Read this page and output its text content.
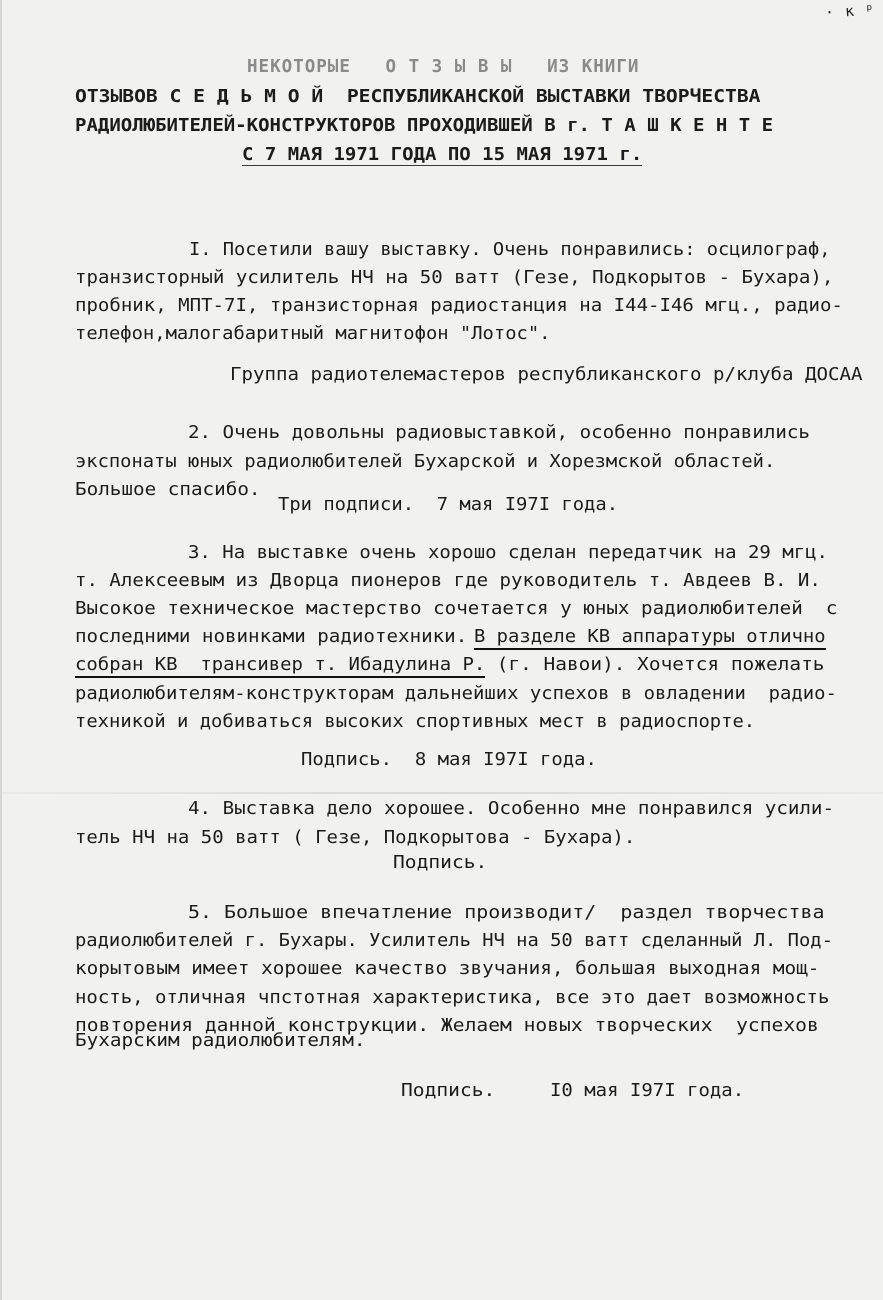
· к ᵖ
НЕКОТОРЫЕ   О Т З Ы В Ы   ИЗ КНИГИ
ОТЗЫВОВ С Е Д Ь М О Й  РЕСПУБЛИКАНСКОЙ ВЫСТАВКИ ТВОРЧЕСТВА
РАДИОЛЮБИТЕЛЕЙ-КОНСТРУКТОРОВ ПРОХОДИВШЕЙ В г. Т А Ш К Е Н Т Е
С 7 МАЯ 1971 ГОДА ПО 15 МАЯ 1971 г.
I. Посетили вашу выставку. Очень понравились: осцилограф,
транзисторный усилитель НЧ на 50 ватт (Гезе, Подкорытов - Бухара),
пробник, МПТ-7I, транзисторная радиостанция на I44-I46 мгц., радио-
телефон,малогабаритный магнитофон "Лотос".
Группа радиотелемастеров республиканского р/клуба ДОСАА
2. Очень довольны радиовыставкой, особенно понравились
экспонаты юных радиолюбителей Бухарской и Хорезмской областей.
Большое спасибо.
Три подписи.  7 мая I97I года.
3. На выставке очень хорошо сделан передатчик на 29 мгц.
т. Алексеевым из Дворца пионеров где руководитель т. Авдеев В. И.
Высокое техническое мастерство сочетается у юных радиолюбителей  с
последними новинками радиотехники. В разделе КВ аппаратуры отлично
собран КВ  трансивер т. Ибадулина Р. (г. Навои). Хочется пожелать
радиолюбителям-конструкторам дальнейших успехов в овладении  радио-
техникой и добиваться высоких спортивных мест в радиоспорте.
Подпись.  8 мая I97I года.
4. Выставка дело хорошее. Особенно мне понравился усили-
тель НЧ на 50 ватт ( Гезе, Подкорытова - Бухара).
Подпись.
5. Большое впечатление производит/  раздел творчества
радиолюбителей г. Бухары. Усилитель НЧ на 50 ватт сделанный Л. Под-
корытовым имеет хорошее качество звучания, большая выходная мощ-
ность, отличная чпстотная характеристика, все это дает возможность
повторения данной конструкции. Желаем новых творческих  успехов
Бухарским радиолюбителям.
Подпись.	I0 мая I97I года.
